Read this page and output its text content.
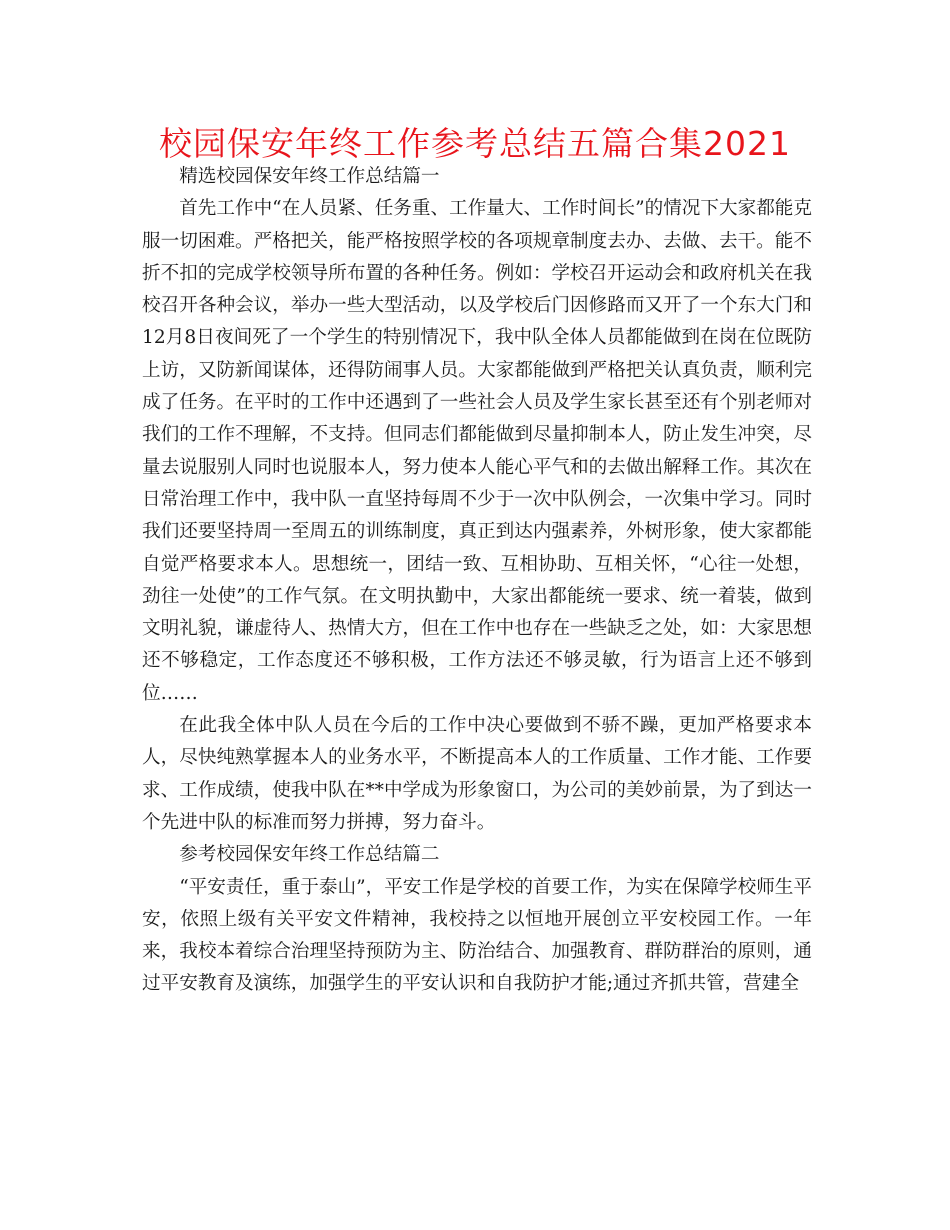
校园保安年终工作参考总结五篇合集2021

精选校园保安年终工作总结篇一

首先工作中“在人员紧、任务重、工作量大、工作时间长”的情况下大家都能克服一切困难。严格把关，能严格按照学校的各项规章制度去办、去做、去干。能不折不扣的完成学校领导所布置的各种任务。例如：学校召开运动会和政府机关在我校召开各种会议，举办一些大型活动，以及学校后门因修路而又开了一个东大门和12月8日夜间死了一个学生的特别情况下，我中队全体人员都能做到在岗在位既防上访，又防新闻谋体，还得防闹事人员。大家都能做到严格把关认真负责，顺利完成了任务。在平时的工作中还遇到了一些社会人员及学生家长甚至还有个别老师对我们的工作不理解，不支持。但同志们都能做到尽量抑制本人，防止发生冲突，尽量去说服别人同时也说服本人，努力使本人能心平气和的去做出解释工作。其次在日常治理工作中，我中队一直坚持每周不少于一次中队例会，一次集中学习。同时我们还要坚持周一至周五的训练制度，真正到达内强素养，外树形象，使大家都能自觉严格要求本人。思想统一，团结一致、互相协助、互相关怀，“心往一处想，劲往一处使”的工作气氛。在文明执勤中，大家出都能统一要求、统一着装，做到文明礼貌，谦虚待人、热情大方，但在工作中也存在一些缺乏之处，如：大家思想还不够稳定，工作态度还不够积极，工作方法还不够灵敏，行为语言上还不够到位……

在此我全体中队人员在今后的工作中决心要做到不骄不躁，更加严格要求本人，尽快纯熟掌握本人的业务水平，不断提高本人的工作质量、工作才能、工作要求、工作成绩，使我中队在**中学成为形象窗口，为公司的美妙前景，为了到达一个先进中队的标准而努力拼搏，努力奋斗。

参考校园保安年终工作总结篇二

“平安责任，重于泰山”，平安工作是学校的首要工作，为实在保障学校师生平安，依照上级有关平安文件精神，我校持之以恒地开展创立平安校园工作。一年来，我校本着综合治理坚持预防为主、防治结合、加强教育、群防群治的原则，通过平安教育及演练，加强学生的平安认识和自我防护才能;通过齐抓共管，营建全
